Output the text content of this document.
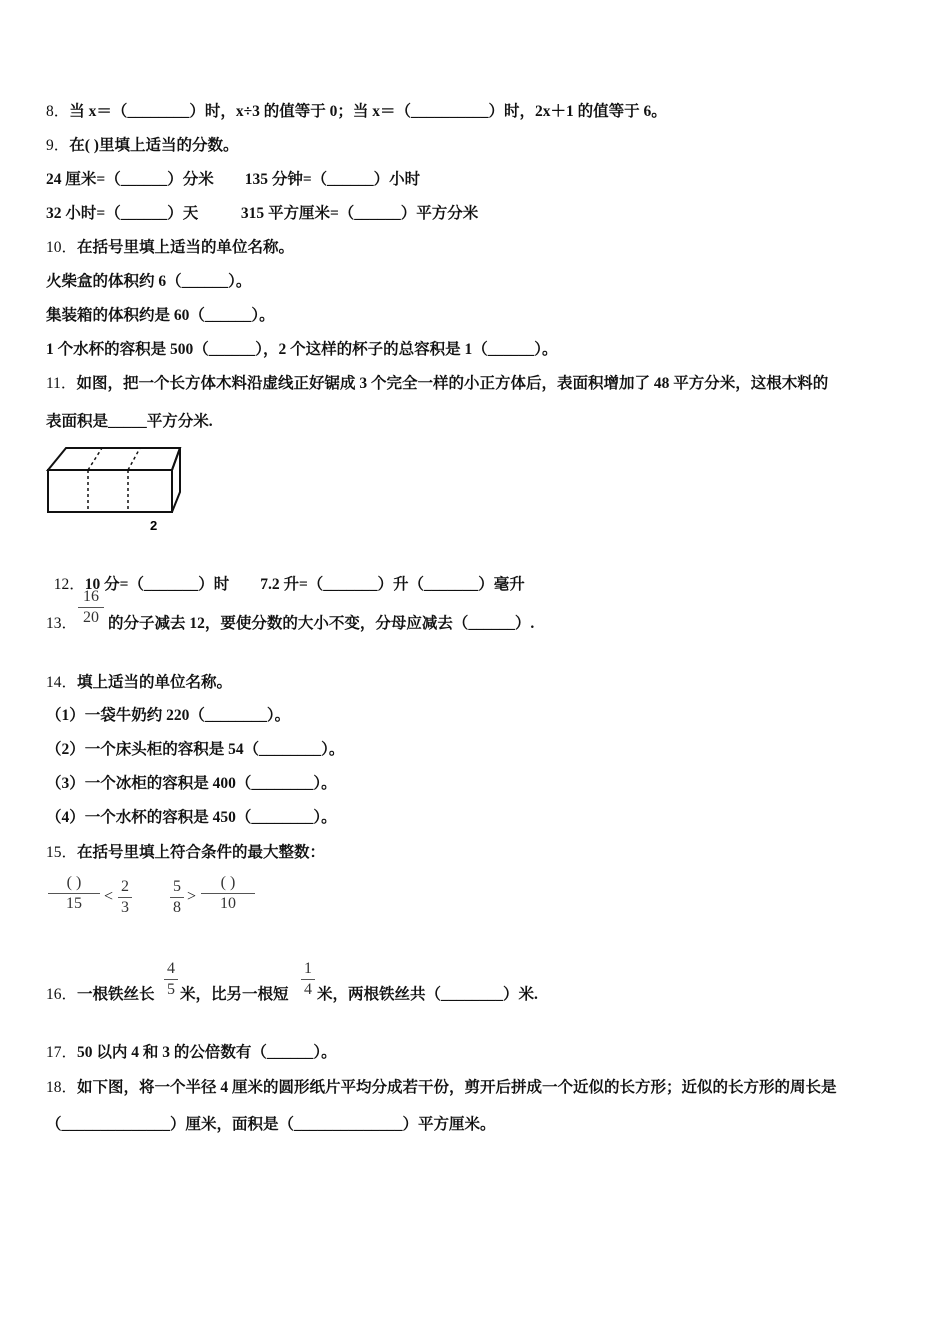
8．当 x＝（________）时，x÷3 的值等于 0；当 x＝（__________）时，2x＋1 的值等于 6。
9．在( )里填上适当的分数。
24 厘米=（______）分米        135 分钟=（______）小时
32 小时=（______）天           315 平方厘米=（______）平方分米
10．在括号里填上适当的单位名称。
火柴盒的体积约 6（______）。
集装箱的体积约是 60（______）。
1 个水杯的容积是 500（______），2 个这样的杯子的总容积是 1（______）。
11．如图，把一个长方体木料沿虚线正好锯成 3 个完全一样的小正方体后，表面积增加了 48 平方分米，这根木料的
表面积是_____平方分米.
2

12．10 分=（_______）时        7.2 升=（_______）升（_______）毫升

13．
16
20 的分子减去 12，要使分数的大小不变，分母应减去（______）.
14．填上适当的单位名称。
（1）一袋牛奶约 220（________）。
（2）一个床头柜的容积是 54（________）。
（3）一个冰柜的容积是 400（________）。
（4）一个水杯的容积是 450（________）。
15．在括号里填上符合条件的最大整数：
( )
15	<
2
3
5
8
>
( )
10
16．一根铁丝长
4
5 米，比另一根短
1
4 米，两根铁丝共（________）米.
17．50 以内 4 和 3 的公倍数有（______）。
18．如下图，将一个半径 4 厘米的圆形纸片平均分成若干份，剪开后拼成一个近似的长方形；近似的长方形的周长是
（______________）厘米，面积是（______________）平方厘米。
